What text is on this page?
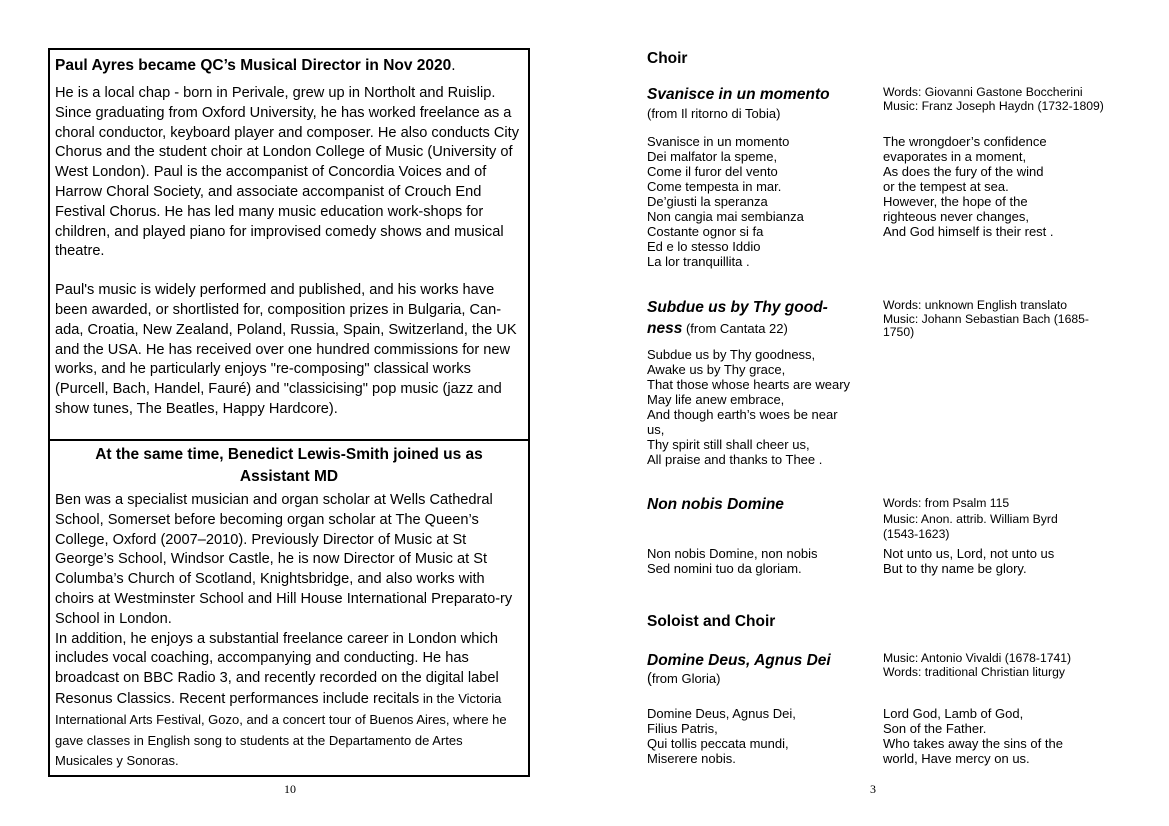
Paul Ayres became QC’s Musical Director in Nov 2020.

He is a local chap - born in Perivale, grew up in Northolt and Ruislip. Since graduating from Oxford University, he has worked freelance as a choral conductor, keyboard player and composer. He also conducts City Chorus and the student choir at London College of Music (University of West London). Paul is the accompanist of Concordia Voices and of Harrow Choral Society, and associate accompanist of Crouch End Festival Chorus. He has led many music education work-shops for children, and played piano for improvised comedy shows and musical theatre.

Paul's music is widely performed and published, and his works have been awarded, or shortlisted for, composition prizes in Bulgaria, Can-ada, Croatia, New Zealand, Poland, Russia, Spain, Switzerland, the UK and the USA. He has received over one hundred commissions for new works, and he particularly enjoys "re-composing" classical works (Purcell, Bach, Handel, Fauré) and "classicising" pop music (jazz and show tunes, The Beatles, Happy Hardcore).

At the same time, Benedict Lewis-Smith joined us as Assistant MD

Ben was a specialist musician and organ scholar at Wells Cathedral School, Somerset before becoming organ scholar at The Queen’s College, Oxford (2007–2010). Previously Director of Music at St George’s School, Windsor Castle, he is now Director of Music at St Columba’s Church of Scotland, Knightsbridge, and also works with choirs at Westminster School and Hill House International Preparato-ry School in London.

In addition, he enjoys a substantial freelance career in London which includes vocal coaching, accompanying and conducting. He has broadcast on BBC Radio 3, and recently recorded on the digital label Resonus Classics. Recent performances include recitals in the Victoria International Arts Festival, Gozo, and a concert tour of Buenos Aires, where he gave classes in English song to students at the Departamento de Artes Musicales y Sonoras.

10
Choir
Svanisce in un momento
(from Il ritorno di Tobia)
Words: Giovanni Gastone Boccherini
Music: Franz Joseph Haydn (1732-1809)
Svanisce in un momento
Dei malfator la speme,
Come il furor del vento
Come tempesta in mar.
De’giusti la speranza
Non cangia mai sembianza
Costante ognor si fa
Ed e lo stesso Iddio
La lor tranquillita .
The wrongdoer’s confidence
evaporates in a moment,
As does the fury of the wind
or the tempest at sea.
However, the hope of the
righteous never changes,
And God himself is their rest .
Subdue us by Thy good-
ness (from Cantata 22)
Words: unknown English translato
Music: Johann Sebastian Bach (1685-
1750)
Subdue us by Thy goodness,
Awake us by Thy grace,
That those whose hearts are weary
May life anew embrace,
And though earth’s woes be near
us,
Thy spirit still shall cheer us,
All praise and thanks to Thee .
Non nobis Domine	Words: from Psalm 115
Music: Anon. attrib. William Byrd
(1543-1623)
Non nobis Domine, non nobis
Sed nomini tuo da gloriam.
Not unto us, Lord, not unto us
But to thy name be glory.
Soloist and Choir
Domine Deus, Agnus Dei
(from Gloria)
Music: Antonio Vivaldi (1678-1741)
Words: traditional Christian liturgy
Domine Deus, Agnus Dei,
Filius Patris,
Qui tollis peccata mundi,
Miserere nobis.
Lord God, Lamb of God,
Son of the Father.
Who takes away the sins of the
world, Have mercy on us.
3
